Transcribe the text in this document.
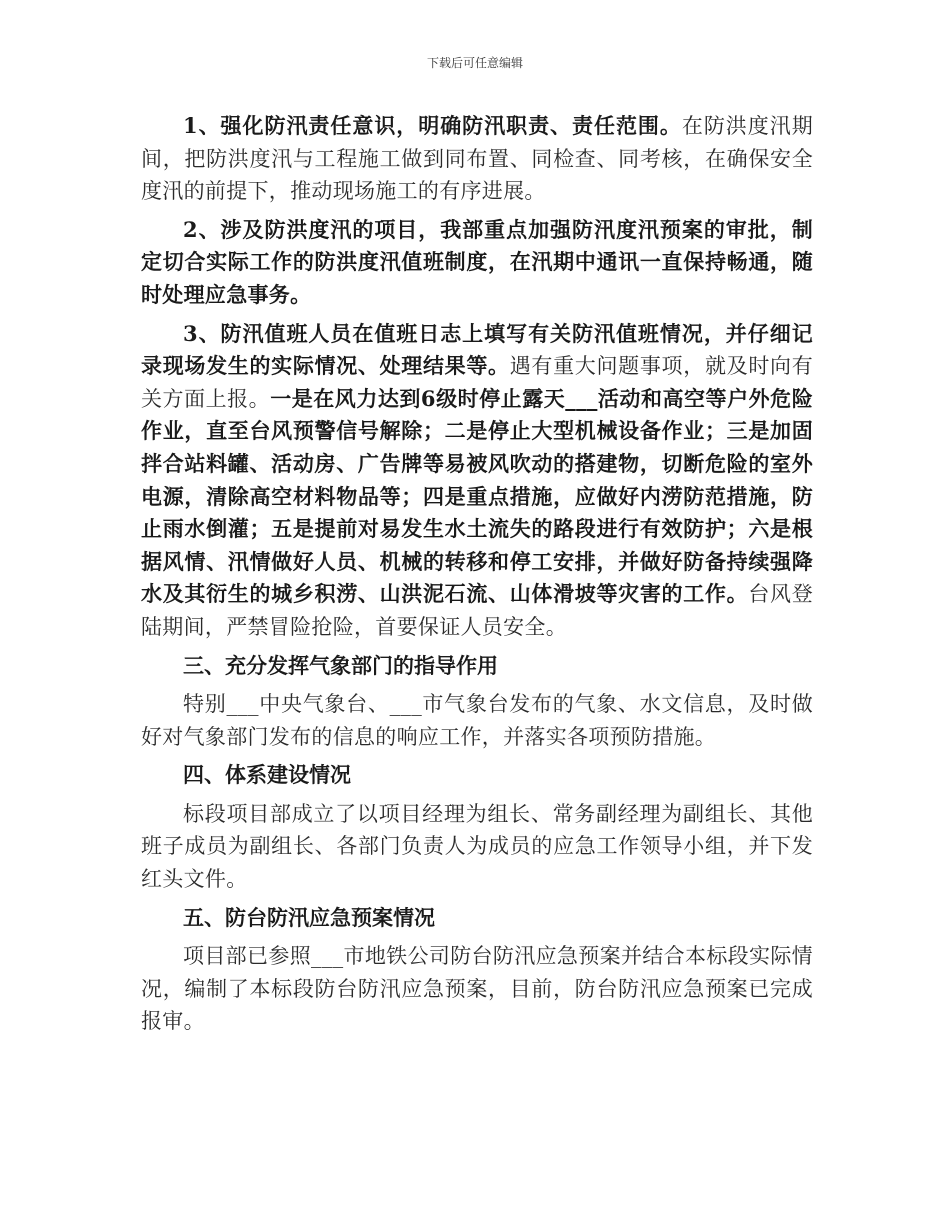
下载后可任意编辑

1、强化防汛责任意识，明确防汛职责、责任范围。在防洪度汛期间，把防洪度汛与工程施工做到同布置、同检查、同考核，在确保安全度汛的前提下，推动现场施工的有序进展。

2、涉及防洪度汛的项目，我部重点加强防汛度汛预案的审批，制定切合实际工作的防洪度汛值班制度，在汛期中通讯一直保持畅通，随时处理应急事务。

3、防汛值班人员在值班日志上填写有关防汛值班情况，并仔细记录现场发生的实际情况、处理结果等。遇有重大问题事项，就及时向有关方面上报。一是在风力达到6级时停止露天___活动和高空等户外危险作业，直至台风预警信号解除；二是停止大型机械设备作业；三是加固拌合站料罐、活动房、广告牌等易被风吹动的搭建物，切断危险的室外电源，清除高空材料物品等；四是重点措施，应做好内涝防范措施，防止雨水倒灌；五是提前对易发生水土流失的路段进行有效防护；六是根据风情、汛情做好人员、机械的转移和停工安排，并做好防备持续强降水及其衍生的城乡积涝、山洪泥石流、山体滑坡等灾害的工作。台风登陆期间，严禁冒险抢险，首要保证人员安全。

三、充分发挥气象部门的指导作用

特别___中央气象台、___市气象台发布的气象、水文信息，及时做好对气象部门发布的信息的响应工作，并落实各项预防措施。

四、体系建设情况

标段项目部成立了以项目经理为组长、常务副经理为副组长、其他班子成员为副组长、各部门负责人为成员的应急工作领导小组，并下发红头文件。

五、防台防汛应急预案情况

项目部已参照___市地铁公司防台防汛应急预案并结合本标段实际情况，编制了本标段防台防汛应急预案，目前，防台防汛应急预案已完成报审。
